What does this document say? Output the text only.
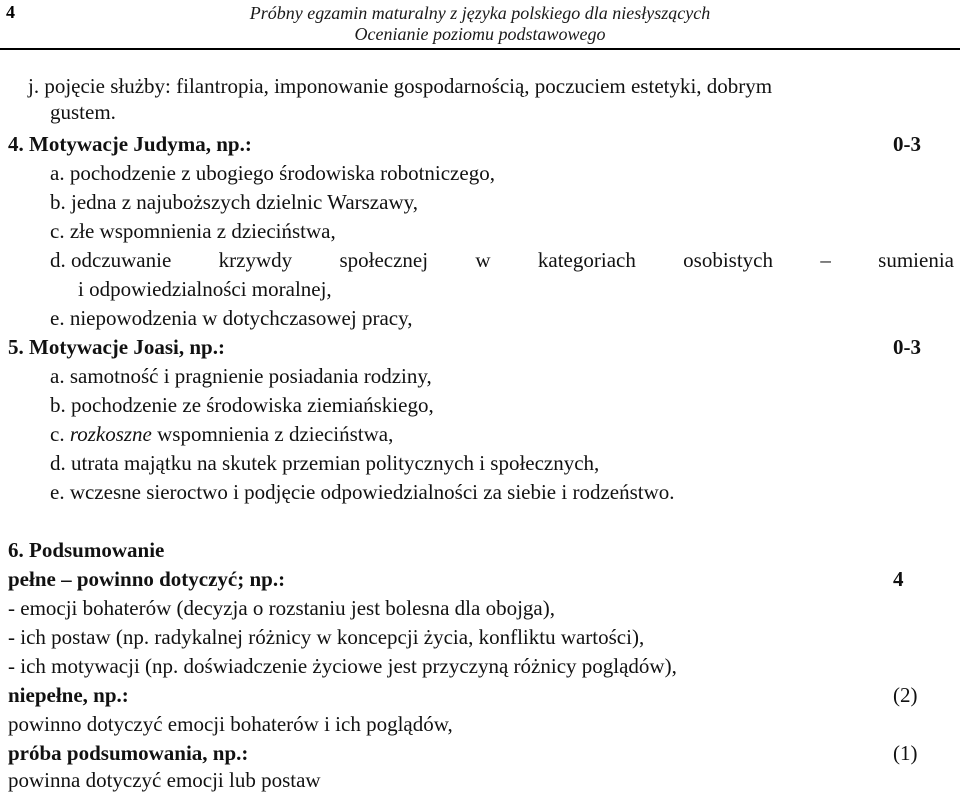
4	Próbny egzamin maturalny z języka polskiego dla niesłyszących
Ocenianie poziomu podstawowego
j. pojęcie służby: filantropia, imponowanie gospodarnością, poczuciem estetyki, dobrym
gustem.
4. Motywacje Judyma, np.:	0-3
a. pochodzenie z ubogiego środowiska robotniczego,
b. jedna z najuboższych dzielnic Warszawy,
c. złe wspomnienia z dzieciństwa,
d. odczuwanie krzywdy społecznej w kategoriach osobistych – sumienia
i odpowiedzialności moralnej,
e. niepowodzenia w dotychczasowej pracy,
5. Motywacje Joasi, np.:	0-3
a. samotność i pragnienie posiadania rodziny,
b. pochodzenie ze środowiska ziemiańskiego,
c. rozkoszne wspomnienia z dzieciństwa,
d. utrata majątku na skutek przemian politycznych i społecznych,
e. wczesne sieroctwo i podjęcie odpowiedzialności za siebie i rodzeństwo.
6. Podsumowanie
pełne – powinno dotyczyć; np.:	4
- emocji bohaterów (decyzja o rozstaniu jest bolesna dla obojga),
- ich postaw (np. radykalnej różnicy w koncepcji życia, konfliktu wartości),
- ich motywacji (np. doświadczenie życiowe jest przyczyną różnicy poglądów),
niepełne, np.:	(2)
powinno dotyczyć emocji bohaterów i ich poglądów,
próba podsumowania, np.:	(1)
powinna dotyczyć emocji lub postaw
